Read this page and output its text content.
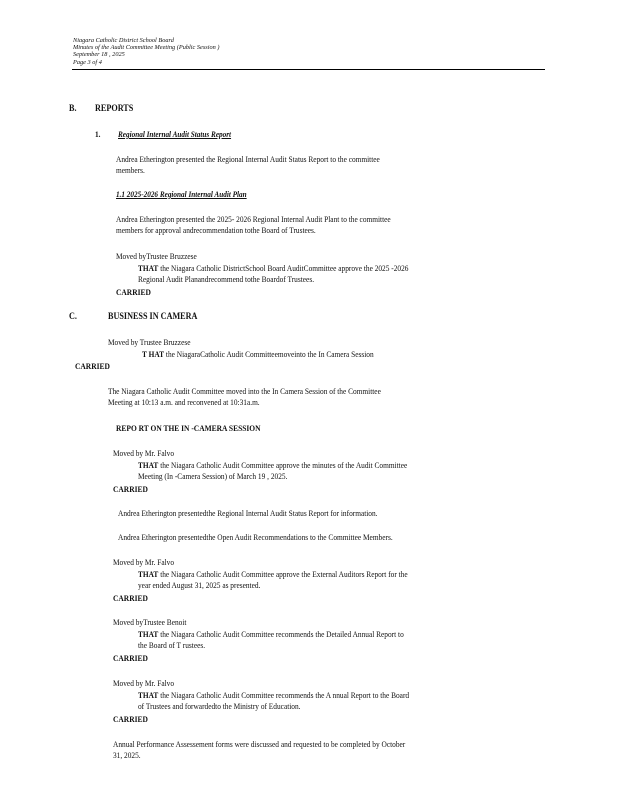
Niagara Catholic District School Board
Minutes of the Audit Committee Meeting (Public Session )
September 18 , 2025
Page 3 of 4
B. REPORTS
1. Regional Internal Audit Status Report
Andrea Etherington presented the Regional Internal Audit Status Report to the committee
members.
1.1 2025-2026 Regional Internal Audit Plan
Andrea Etherington presented the 2025- 2026 Regional Internal Audit Plant to the committee
members for approval andrecommendation tothe Board of Trustees.
Moved byTrustee Bruzzese
THAT the Niagara Catholic DistrictSchool Board AuditCommittee approve the 2025 -2026
Regional Audit Planandrecommend tothe Boardof Trustees.
CARRIED
C.	BUSINESS IN CAMERA
Moved by Trustee Bruzzese
T HAT the NiagaraCatholic Audit Committeemoveinto the In Camera Session
CARRIED
The Niagara Catholic Audit Committee moved into the In Camera Session of the Committee
Meeting at 10:13 a.m. and reconvened at 10:31a.m.
REPO RT ON THE IN -CAMERA SESSION
Moved by Mr. Falvo
THAT the Niagara Catholic Audit Committee approve the minutes of the Audit Committee
Meeting (In -Camera Session) of March 19 , 2025.
CARRIED
Andrea Etherington presentedthe Regional Internal Audit Status Report for information.
Andrea Etherington presentedthe Open Audit Recommendations to the Committee Members.
Moved by Mr. Falvo
THAT the Niagara Catholic Audit Committee approve the External Auditors Report for the
year ended August 31, 2025 as presented.
CARRIED
Moved byTrustee Benoit
THAT the Niagara Catholic Audit Committee recommends the Detailed Annual Report to
the Board of T rustees.
CARRIED
Moved by Mr. Falvo
THAT the Niagara Catholic Audit Committee recommends the A nnual Report to the Board
of Trustees and forwardedto the Ministry of Education.
CARRIED
Annual Performance Assessement forms were discussed and requested to be completed by October
31, 2025.
